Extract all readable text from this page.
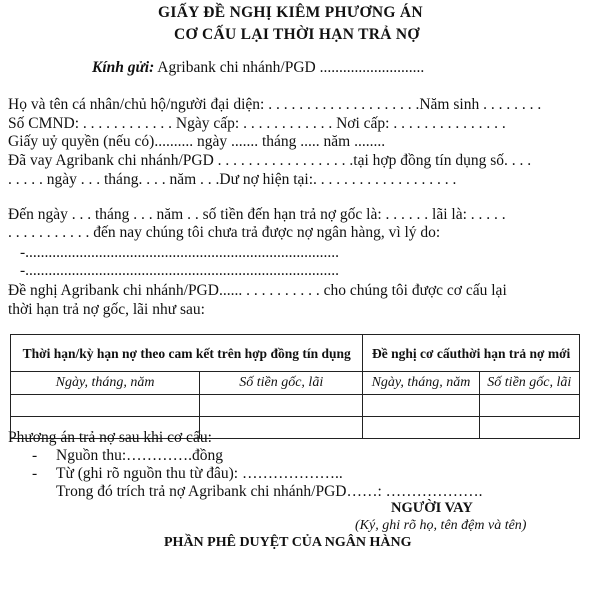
GIẤY ĐỀ NGHỊ KIÊM PHƯƠNG ÁN
CƠ CẤU LẠI THỜI HẠN TRẢ NỢ
Kính gửi: Agribank chi nhánh/PGD ...........................
Họ và tên cá nhân/chủ hộ/người đại diện: . . . . . . . . . . . . . . . . . . . .Năm sinh . . . . . . . .
Số CMND: . . . . . . . . . . . . Ngày cấp: . . . . . . . . . . . . Nơi cấp: . . . . . . . . . . . . . . .
Giấy uỷ quyền (nếu có).......... ngày ....... tháng ..... năm ........
Đã vay Agribank chi nhánh/PGD . . . . . . . . . . . . . . . . . .tại hợp đồng tín dụng số. . . .
. . . . . ngày . . . tháng. . . . năm . . .Dư nợ hiện tại:. . . . . . . . . . . . . . . . . . .
Đến ngày . . . tháng . . . năm . . số tiền đến hạn trả nợ gốc là: . . . . . . lãi là: . . . . .
. . . . . . . . . . . đến nay chúng tôi chưa trả được nợ ngân hàng, vì lý do:
-.................................................................................
-.................................................................................
Đề nghị Agribank chi nhánh/PGD...... . . . . . . . . . . cho chúng tôi được cơ cấu lại
thời hạn trả nợ gốc, lãi như sau:
Thời hạn/kỳ hạn nợ theo cam kết trên hợp đồng tín dụng		Đề nghị cơ cấuthời hạn trả nợ mới	
Ngày, tháng, năm	Số tiền gốc, lãi	Ngày, tháng, năm	Số tiền gốc, lãi

Phương án trả nợ sau khi cơ cấu:
- Nguồn thu:………….đồng
- Từ (ghi rõ nguồn thu từ đâu): ………………..
Trong đó trích trả nợ Agribank chi nhánh/PGD……: ……………….
NGƯỜI VAY
(Ký, ghi rõ họ, tên đệm và tên)
PHẦN PHÊ DUYỆT CỦA NGÂN HÀNG
